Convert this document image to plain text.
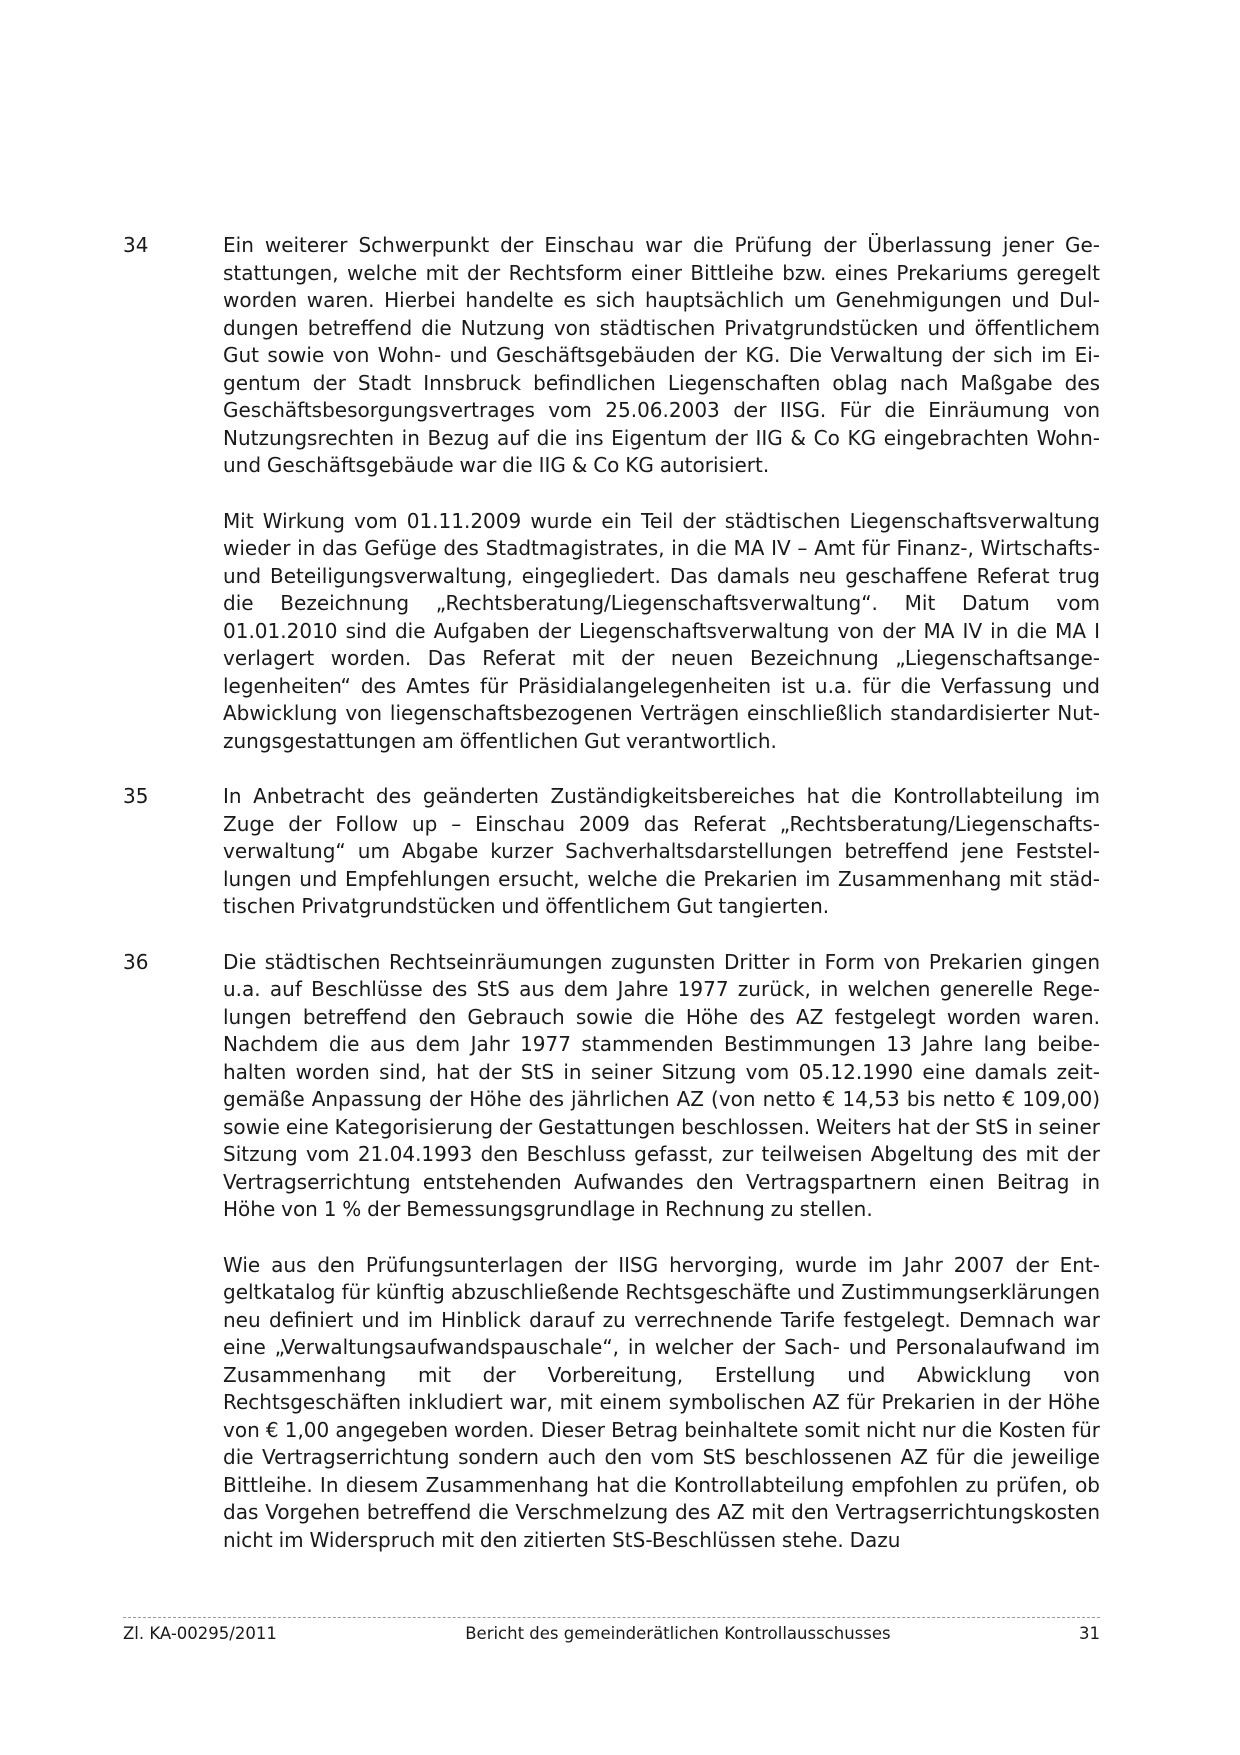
34	Ein weiterer Schwerpunkt der Einschau war die Prüfung der Überlassung jener Gestattungen, welche mit der Rechtsform einer Bittleihe bzw. eines Prekariums geregelt worden waren. Hierbei handelte es sich hauptsächlich um Genehmigungen und Duldungen betreffend die Nutzung von städtischen Privatgrundstücken und öffentlichem Gut sowie von Wohn- und Geschäftsgebäuden der KG. Die Verwaltung der sich im Eigentum der Stadt Innsbruck befindlichen Liegenschaften oblag nach Maßgabe des Geschäftsbesorgungsvertrages vom 25.06.2003 der IISG. Für die Einräumung von Nutzungsrechten in Bezug auf die ins Eigentum der IIG & Co KG eingebrachten Wohn- und Geschäftsgebäude war die IIG & Co KG autorisiert.

Mit Wirkung vom 01.11.2009 wurde ein Teil der städtischen Liegenschaftsverwaltung wieder in das Gefüge des Stadtmagistrates, in die MA IV – Amt für Finanz-, Wirtschafts- und Beteiligungsverwaltung, eingegliedert. Das damals neu geschaffene Referat trug die Bezeichnung „Rechtsberatung/Liegenschaftsverwaltung“. Mit Datum vom 01.01.2010 sind die Aufgaben der Liegenschaftsverwaltung von der MA IV in die MA I verlagert worden. Das Referat mit der neuen Bezeichnung „Liegenschaftsangelegenheiten“ des Amtes für Präsidialangelegenheiten ist u.a. für die Verfassung und Abwicklung von liegenschaftsbezogenen Verträgen einschließlich standardisierter Nutzungsgestattungen am öffentlichen Gut verantwortlich.

35	In Anbetracht des geänderten Zuständigkeitsbereiches hat die Kontrollabteilung im Zuge der Follow up – Einschau 2009 das Referat „Rechtsberatung/Liegenschaftsverwaltung“ um Abgabe kurzer Sachverhaltsdarstellungen betreffend jene Feststellungen und Empfehlungen ersucht, welche die Prekarien im Zusammenhang mit städtischen Privatgrundstücken und öffentlichem Gut tangierten.

36	Die städtischen Rechtseinräumungen zugunsten Dritter in Form von Prekarien gingen u.a. auf Beschlüsse des StS aus dem Jahre 1977 zurück, in welchen generelle Regelungen betreffend den Gebrauch sowie die Höhe des AZ festgelegt worden waren. Nachdem die aus dem Jahr 1977 stammenden Bestimmungen 13 Jahre lang beibehalten worden sind, hat der StS in seiner Sitzung vom 05.12.1990 eine damals zeitgemäße Anpassung der Höhe des jährlichen AZ (von netto € 14,53 bis netto € 109,00) sowie eine Kategorisierung der Gestattungen beschlossen. Weiters hat der StS in seiner Sitzung vom 21.04.1993 den Beschluss gefasst, zur teilweisen Abgeltung des mit der Vertragserrichtung entstehenden Aufwandes den Vertragspartnern einen Beitrag in Höhe von 1 % der Bemessungsgrundlage in Rechnung zu stellen.

Wie aus den Prüfungsunterlagen der IISG hervorging, wurde im Jahr 2007 der Entgeltkatalog für künftig abzuschließende Rechtsgeschäfte und Zustimmungserklärungen neu definiert und im Hinblick darauf zu verrechnende Tarife festgelegt. Demnach war eine „Verwaltungsaufwandspauschale“, in welcher der Sach- und Personalaufwand im Zusammenhang mit der Vorbereitung, Erstellung und Abwicklung von Rechtsgeschäften inkludiert war, mit einem symbolischen AZ für Prekarien in der Höhe von € 1,00 angegeben worden. Dieser Betrag beinhaltete somit nicht nur die Kosten für die Vertragserrichtung sondern auch den vom StS beschlossenen AZ für die jeweilige Bittleihe. In diesem Zusammenhang hat die Kontrollabteilung empfohlen zu prüfen, ob das Vorgehen betreffend die Verschmelzung des AZ mit den Vertragserrichtungskosten nicht im Widerspruch mit den zitierten StS-Beschlüssen stehe. Dazu

Zl. KA-00295/2011	Bericht des gemeinderätlichen Kontrollausschusses	31
